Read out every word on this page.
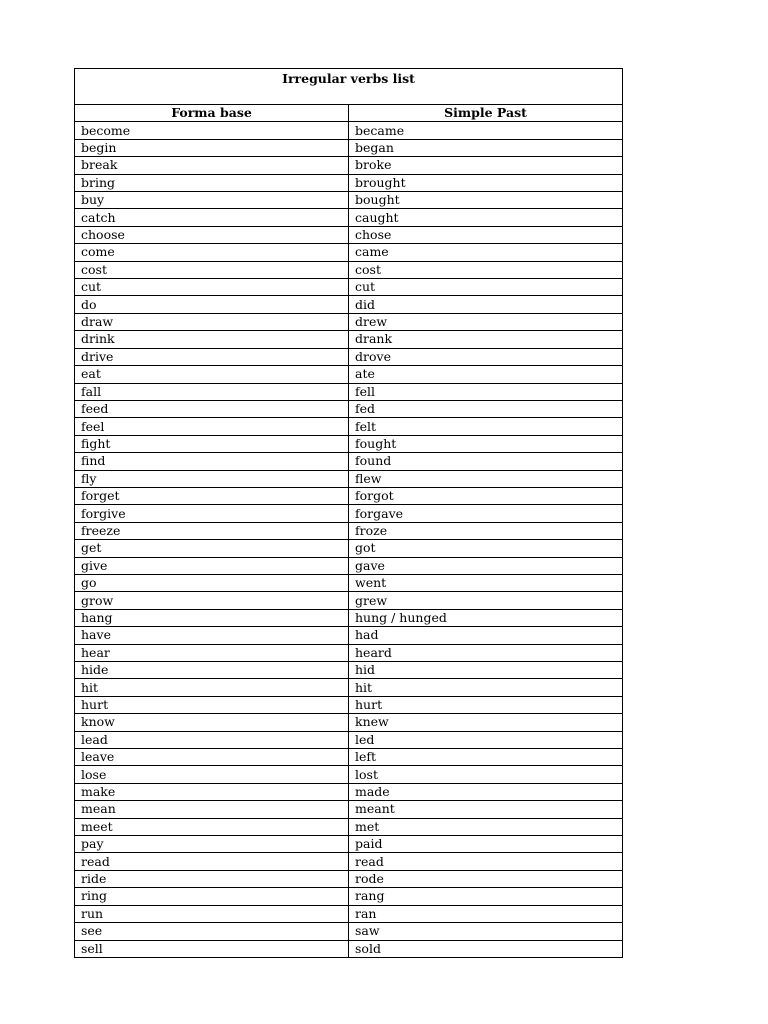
Irregular verbs list	
Forma base	Simple Past
become	became
begin	began
break	broke
bring	brought
buy	bought
catch	caught
choose	chose
come	came
cost	cost
cut	cut
do	did
draw	drew
drink	drank
drive	drove
eat	ate
fall	fell
feed	fed
feel	felt
fight	fought
find	found
fly	flew
forget	forgot
forgive	forgave
freeze	froze
get	got
give	gave
go	went
grow	grew
hang	hung / hunged
have	had
hear	heard
hide	hid
hit	hit
hurt	hurt
know	knew
lead	led
leave	left
lose	lost
make	made
mean	meant
meet	met
pay	paid
read	read
ride	rode
ring	rang
run	ran
see	saw
sell	sold
